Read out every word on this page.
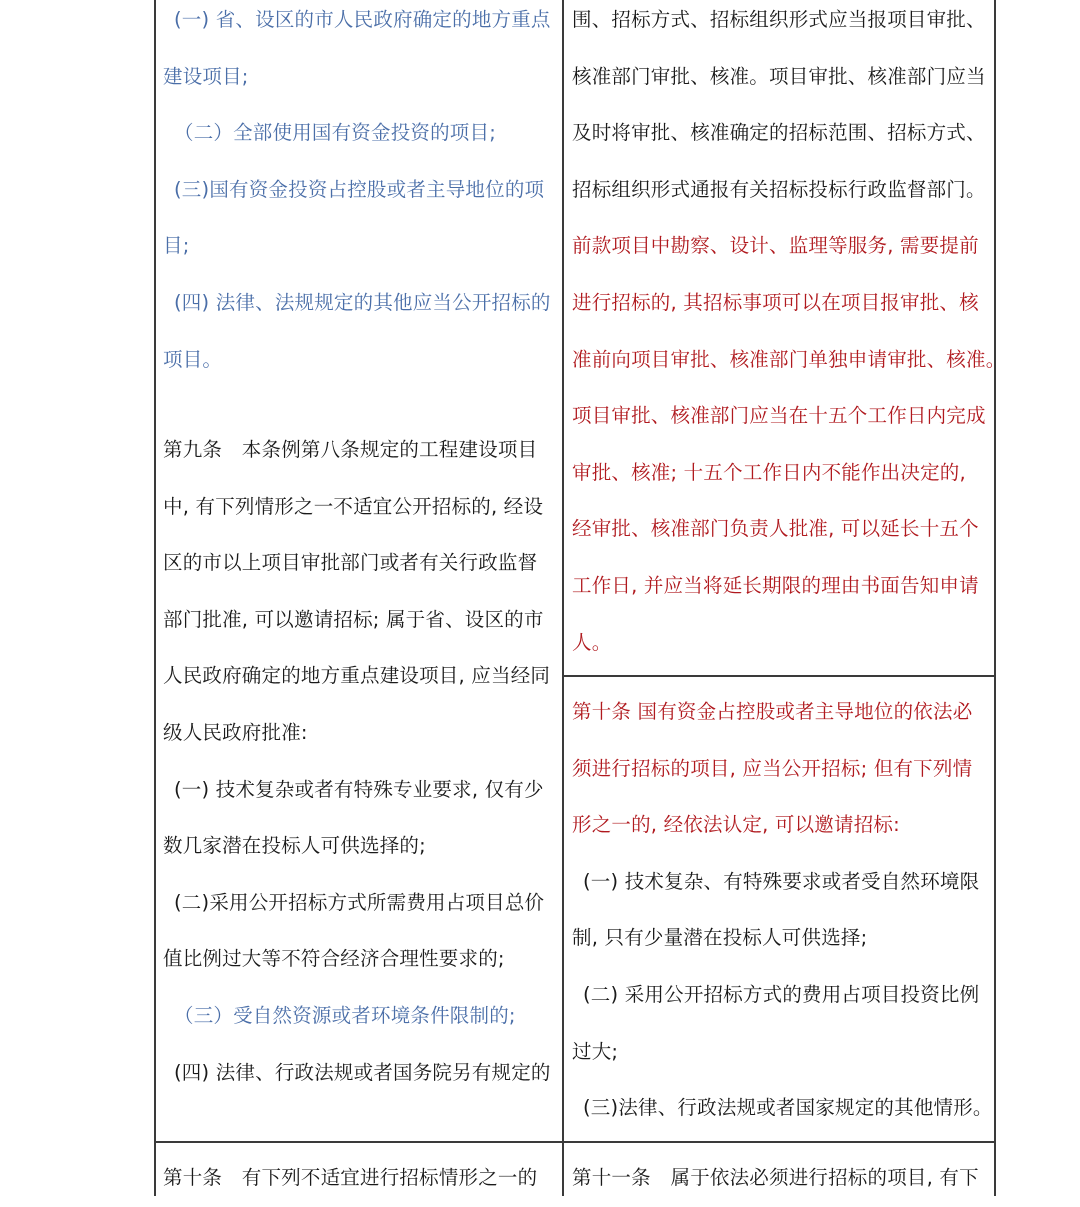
(一) 省、设区的市人民政府确定的地方重点
建设项目;
（二）全部使用国有资金投资的项目;
(三)国有资金投资占控股或者主导地位的项
目;
(四) 法律、法规规定的其他应当公开招标的
项目。
第九条　本条例第八条规定的工程建设项目
中, 有下列情形之一不适宜公开招标的, 经设
区的市以上项目审批部门或者有关行政监督
部门批准, 可以邀请招标; 属于省、设区的市
人民政府确定的地方重点建设项目, 应当经同
级人民政府批准:
(一) 技术复杂或者有特殊专业要求, 仅有少
数几家潜在投标人可供选择的;
(二)采用公开招标方式所需费用占项目总价
值比例过大等不符合经济合理性要求的;
（三）受自然资源或者环境条件限制的;
(四) 法律、行政法规或者国务院另有规定的
第十条　有下列不适宜进行招标情形之一的
围、招标方式、招标组织形式应当报项目审批、
核准部门审批、核准。项目审批、核准部门应当
及时将审批、核准确定的招标范围、招标方式、
招标组织形式通报有关招标投标行政监督部门。
前款项目中勘察、设计、监理等服务, 需要提前
进行招标的, 其招标事项可以在项目报审批、核
准前向项目审批、核准部门单独申请审批、核准。
项目审批、核准部门应当在十五个工作日内完成
审批、核准; 十五个工作日内不能作出决定的,
经审批、核准部门负责人批准, 可以延长十五个
工作日, 并应当将延长期限的理由书面告知申请
人。
第十条 国有资金占控股或者主导地位的依法必
须进行招标的项目, 应当公开招标; 但有下列情
形之一的, 经依法认定, 可以邀请招标:
(一) 技术复杂、有特殊要求或者受自然环境限
制, 只有少量潜在投标人可供选择;
(二) 采用公开招标方式的费用占项目投资比例
过大;
(三)法律、行政法规或者国家规定的其他情形。
第十一条　属于依法必须进行招标的项目, 有下
